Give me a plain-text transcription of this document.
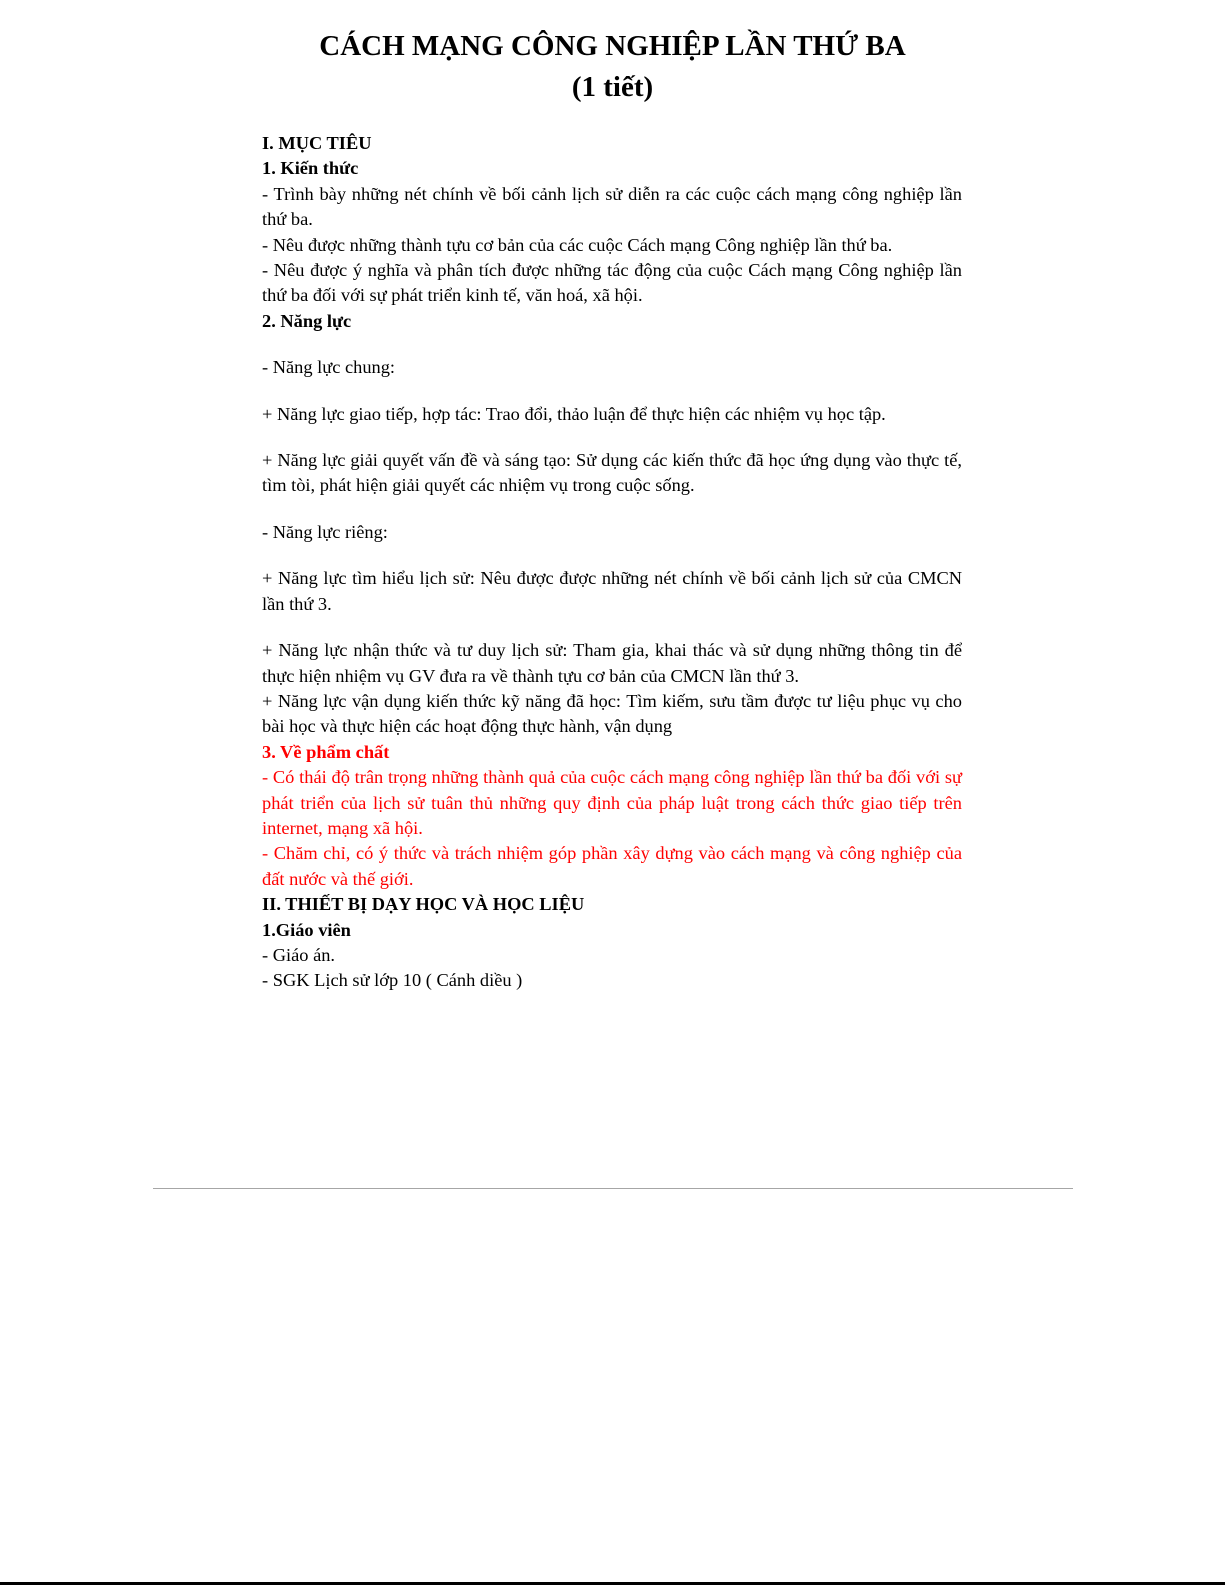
CÁCH MẠNG CÔNG NGHIỆP LẦN THỨ BA
(1 tiết)

I. MỤC TIÊU

1. Kiến thức

- Trình bày những nét chính về bối cảnh lịch sử diễn ra các cuộc cách mạng công nghiệp lần thứ ba.

- Nêu được những thành tựu cơ bản của các cuộc Cách mạng Công nghiệp lần thứ ba.

- Nêu được ý nghĩa và phân tích được những tác động của cuộc Cách mạng Công nghiệp lần thứ ba đối với sự phát triển kinh tế, văn hoá, xã hội.

2. Năng lực

- Năng lực chung:

+ Năng lực giao tiếp, hợp tác: Trao đổi, thảo luận để thực hiện các nhiệm vụ học tập.

+ Năng lực giải quyết vấn đề và sáng tạo: Sử dụng các kiến thức đã học ứng dụng vào thực tế, tìm tòi, phát hiện giải quyết các nhiệm vụ trong cuộc sống.

- Năng lực riêng:

+ Năng lực tìm hiểu lịch sử: Nêu được được những nét chính về bối cảnh lịch sử của CMCN lần thứ 3.

+ Năng lực nhận thức và tư duy lịch sử: Tham gia, khai thác và sử dụng những thông tin để thực hiện nhiệm vụ GV đưa ra về thành tựu cơ bản của CMCN lần thứ 3.

+ Năng lực vận dụng kiến thức kỹ năng đã học: Tìm kiếm, sưu tầm được tư liệu phục vụ cho bài học và thực hiện các hoạt động thực hành, vận dụng

3. Về phẩm chất

- Có thái độ trân trọng những thành quả của cuộc cách mạng công nghiệp lần thứ ba đối với sự phát triển của lịch sử tuân thủ những quy định của pháp luật trong cách thức giao tiếp trên internet, mạng xã hội.

- Chăm chỉ, có ý thức và trách nhiệm góp phần xây dựng vào cách mạng và công nghiệp của đất nước và thế giới.

II. THIẾT BỊ DẠY HỌC VÀ HỌC LIỆU

1.Giáo viên

- Giáo án.

- SGK Lịch sử lớp 10 ( Cánh diều )
